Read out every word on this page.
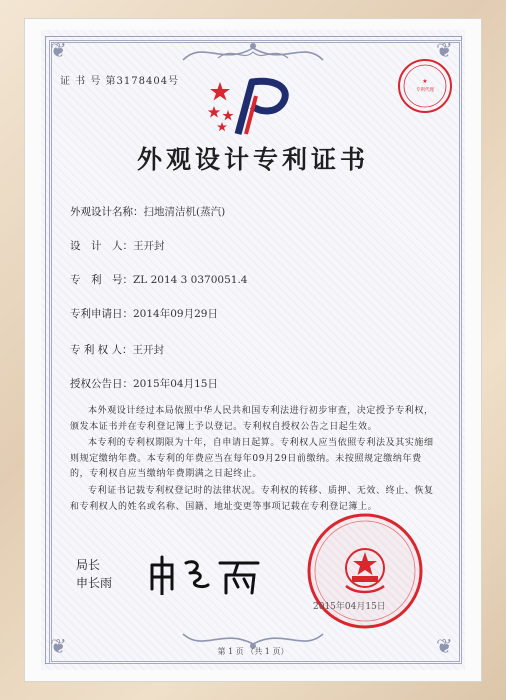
❦	❦
❦	❦
证 书 号 第3178404号	★
专利代理
外观设计专利证书
外观设计名称：扫地清洁机(蒸汽)
设　计　人：王开封
专　利　号：ZL 2014 3 0370051.4
专利申请日：2014年09月29日
专 利 权 人：王开封
授权公告日：2015年04月15日
本外观设计经过本局依照中华人民共和国专利法进行初步审查，决定授予专利权，颁发本证书并在专利登记簿上予以登记。专利权自授权公告之日起生效。
本专利的专利权期限为十年，自申请日起算。专利权人应当依照专利法及其实施细则规定缴纳年费。本专利的年费应当在每年09月29日前缴纳。未按照规定缴纳年费的，专利权自应当缴纳年费期满之日起终止。
专利证书记载专利权登记时的法律状况。专利权的转移、质押、无效、终止、恢复和专利权人的姓名或名称、国籍、地址变更等事项记载在专利登记簿上。
局长
申长雨
2015年04月15日
第 1 页 （共 1 页）
